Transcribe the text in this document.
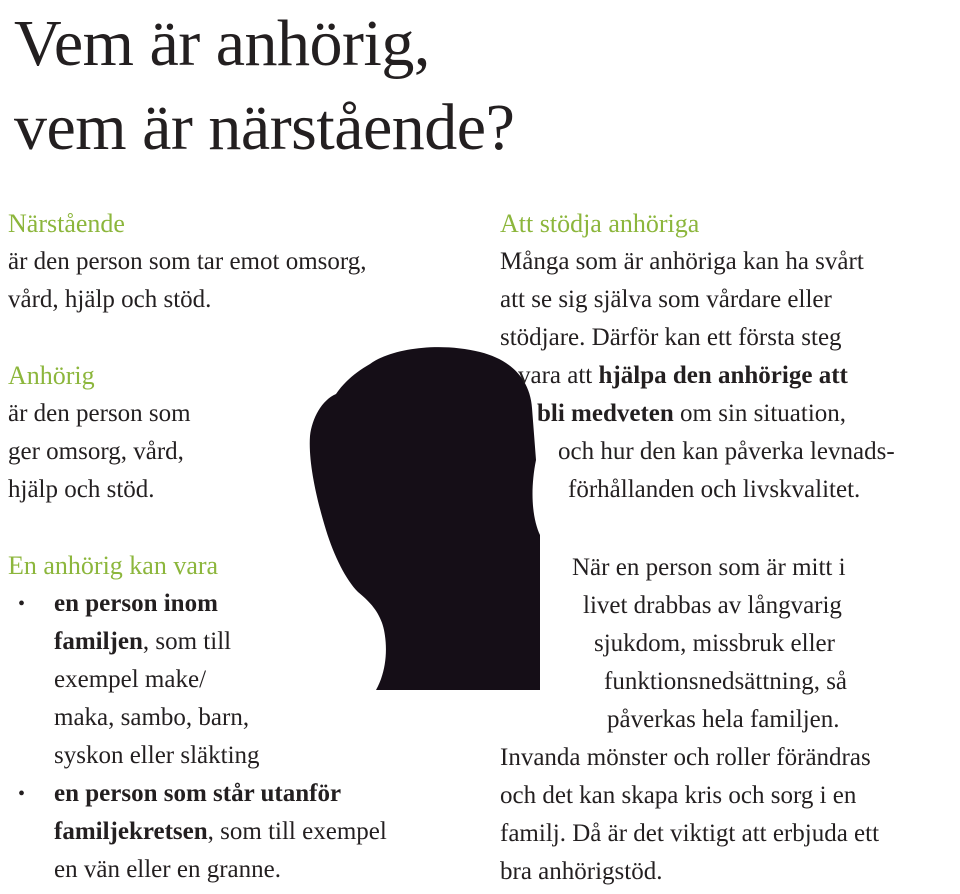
Vem är anhörig,
vem är närstående?
Närstående
är den person som tar emot omsorg,
vård, hjälp och stöd.
Anhörig
är den person som
ger omsorg, vård,
hjälp och stöd.
En anhörig kan vara
• en person inom
familjen, som till
exempel make/
maka, sambo, barn,
syskon eller släkting
• en person som står utanför
familjekretsen, som till exempel
en vän eller en granne.
Att stödja anhöriga
Många som är anhöriga kan ha svårt
att se sig själva som vårdare eller
stödjare. Därför kan ett första steg
vara att hjälpa den anhörige att
bli medveten om sin situation,
och hur den kan påverka levnads-
förhållanden och livskvalitet.
När en person som är mitt i
livet drabbas av långvarig
sjukdom, missbruk eller
funktionsnedsättning, så
påverkas hela familjen.
Invanda mönster och roller förändras
och det kan skapa kris och sorg i en
familj. Då är det viktigt att erbjuda ett
bra anhörigstöd.
